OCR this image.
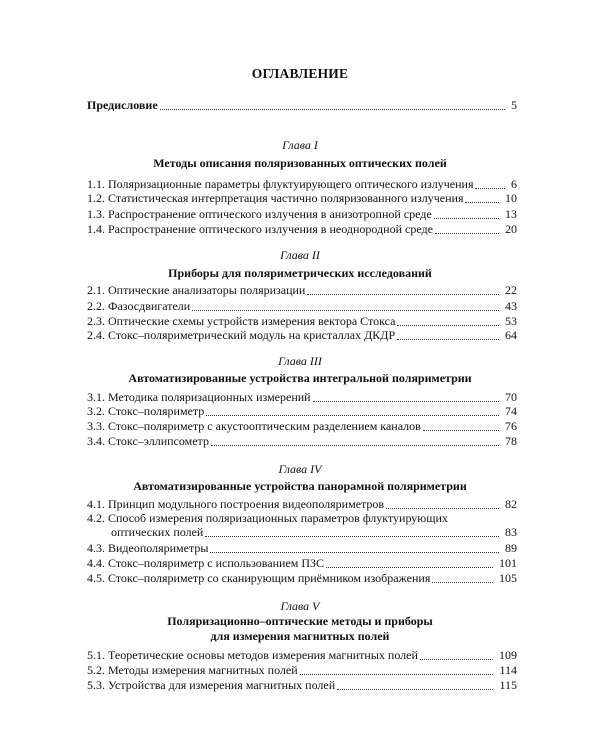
ОГЛАВЛЕНИЕ
Предисловие	5
Глава I
Методы описания поляризованных оптических полей
1.1. Поляризационные параметры флуктуирующего оптического излучения	6
1.2. Статистическая интерпретация частично поляризованного излучения	10
1.3. Распространение оптического излучения в анизотропной среде	13
1.4. Распространение оптического излучения в неоднородной среде	20
Глава II
Приборы для поляриметрических исследований
2.1. Оптические анализаторы поляризации	22
2.2. Фазосдвигатели	43
2.3. Оптические схемы устройств измерения вектора Стокса	53
2.4. Стокс–поляриметрический модуль на кристаллах ДКДР	64
Глава III
Автоматизированные устройства интегральной поляриметрии
3.1. Методика поляризационных измерений	70
3.2. Стокс–поляриметр	74
3.3. Стокс–поляриметр с акустооптическим разделением каналов	76
3.4. Стокс–эллипсометр	78
Глава IV
Автоматизированные устройства панорамной поляриметрии
4.1. Принцип модульного построения видеополяриметров	82
4.2. Способ измерения поляризационных параметров флуктуирующих
оптических полей	83
4.3. Видеополяриметры	89
4.4. Стокс–поляриметр с использованием ПЗС	101
4.5. Стокс–поляриметр со сканирующим приёмником изображения	105
Глава V
Поляризационно–оптические методы и приборы
для измерения магнитных полей
5.1. Теоретические основы методов измерения магнитных полей	109
5.2. Методы измерения магнитных полей	114
5.3. Устройства для измерения магнитных полей	115
